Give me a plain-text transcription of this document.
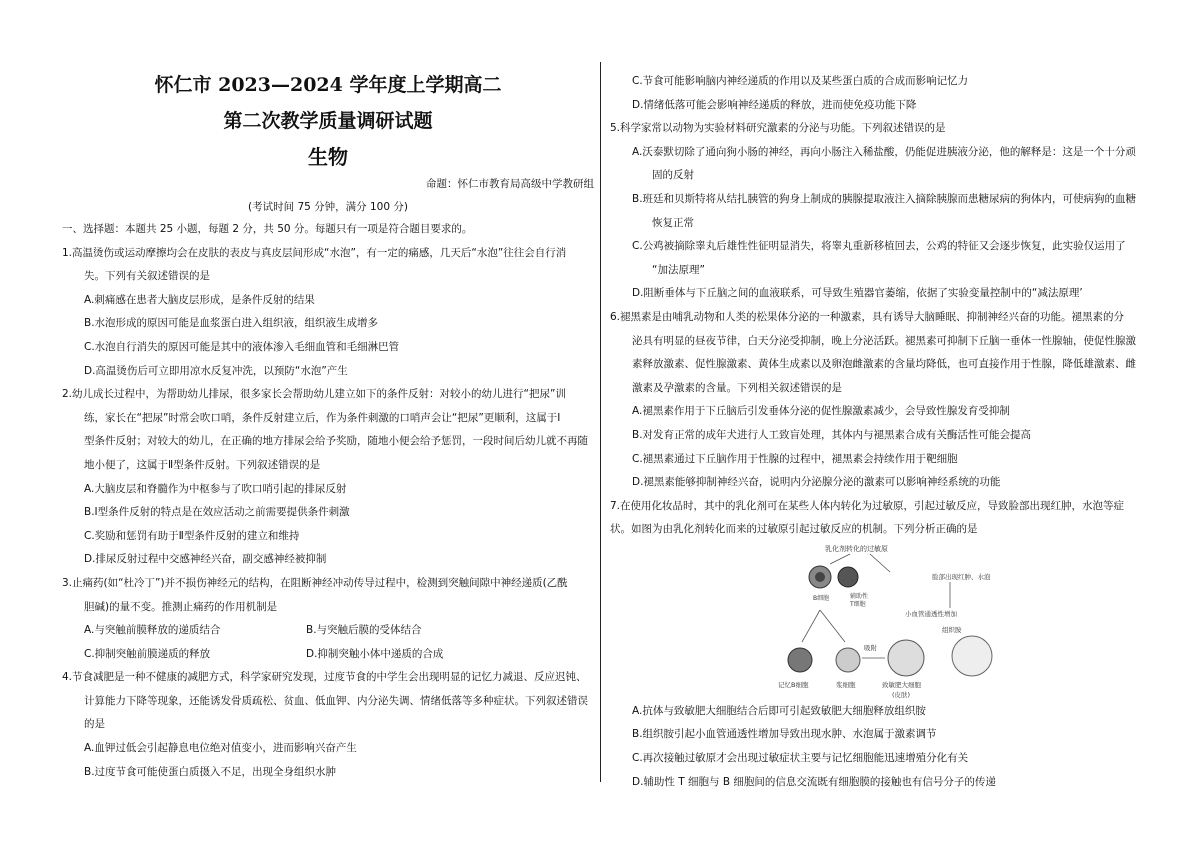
怀仁市 2023—2024 学年度上学期高二
第二次教学质量调研试题
生物
命题：怀仁市教育局高级中学教研组
(考试时间 75 分钟，满分 100 分)
一、选择题：本题共 25 小题，每题 2 分，共 50 分。每题只有一项是符合题目要求的。
1.高温烫伤或运动摩擦均会在皮肤的表皮与真皮层间形成“水泡”，有一定的痛感，几天后“水泡”往往会自行消
失。下列有关叙述错误的是
A.刺痛感在患者大脑皮层形成，是条件反射的结果
B.水泡形成的原因可能是血浆蛋白进入组织液，组织液生成增多
C.水泡自行消失的原因可能是其中的液体渗入毛细血管和毛细淋巴管
D.高温烫伤后可立即用凉水反复冲洗，以预防“水泡”产生
2.幼儿成长过程中，为帮助幼儿排尿，很多家长会帮助幼儿建立如下的条件反射：对较小的幼儿进行“把尿”训
练，家长在“把尿”时常会吹口哨，条件反射建立后，作为条件刺激的口哨声会让“把尿”更顺利，这属于Ⅰ
型条件反射；对较大的幼儿，在正确的地方排尿会给予奖励，随地小便会给予惩罚，一段时间后幼儿就不再随
地小便了，这属于Ⅱ型条件反射。下列叙述错误的是
A.大脑皮层和脊髓作为中枢参与了吹口哨引起的排尿反射
B.Ⅰ型条件反射的特点是在效应活动之前需要提供条件刺激
C.奖励和惩罚有助于Ⅱ型条件反射的建立和维持
D.排尿反射过程中交感神经兴奋，副交感神经被抑制
3.止痛药(如“杜冷丁”)并不损伤神经元的结构，在阻断神经冲动传导过程中，检测到突触间隙中神经递质(乙酰
胆碱)的量不变。推测止痛药的作用机制是
A.与突触前膜释放的递质结合	B.与突触后膜的受体结合
C.抑制突触前膜递质的释放	D.抑制突触小体中递质的合成
4.节食减肥是一种不健康的减肥方式，科学家研究发现，过度节食的中学生会出现明显的记忆力减退、反应迟钝、
计算能力下降等现象，还能诱发骨质疏松、贫血、低血钾、内分泌失调、情绪低落等多种症状。下列叙述错误
的是
A.血钾过低会引起静息电位绝对值变小，进而影响兴奋产生
B.过度节食可能使蛋白质摄入不足，出现全身组织水肿
C.节食可能影响脑内神经递质的作用以及某些蛋白质的合成而影响记忆力
D.情绪低落可能会影响神经递质的释放，进而使免疫功能下降
5.科学家常以动物为实验材料研究激素的分泌与功能。下列叙述错误的是
A.沃泰默切除了通向狗小肠的神经，再向小肠注入稀盐酸，仍能促进胰液分泌，他的解释是：这是一个十分顽
固的反射
B.班廷和贝斯特将从结扎胰管的狗身上制成的胰腺提取液注入摘除胰腺而患糖尿病的狗体内，可使病狗的血糖
恢复正常
C.公鸡被摘除睾丸后雄性性征明显消失，将睾丸重新移植回去，公鸡的特征又会逐步恢复，此实验仅运用了
“加法原理”
D.阻断垂体与下丘脑之间的血液联系，可导致生殖器官萎缩，依据了实验变量控制中的“减法原理’
6.褪黑素是由哺乳动物和人类的松果体分泌的一种激素，具有诱导大脑睡眠、抑制神经兴奋的功能。褪黑素的分
泌具有明显的昼夜节律，白天分泌受抑制，晚上分泌活跃。褪黑素可抑制下丘脑一垂体一性腺轴，使促性腺激
素释放激素、促性腺激素、黄体生成素以及卵泡雌激素的含量均降低，也可直接作用于性腺，降低雄激素、雌
激素及孕激素的含量。下列相关叙述错误的是
A.褪黑素作用于下丘脑后引发垂体分泌的促性腺激素减少，会导致性腺发育受抑制
B.对发育正常的成年犬进行人工致盲处理，其体内与褪黑素合成有关酶活性可能会提高
C.褪黑素通过下丘脑作用于性腺的过程中，褪黑素会持续作用于靶细胞
D.褪黑素能够抑制神经兴奋，说明内分泌腺分泌的激素可以影响神经系统的功能
7.在使用化妆品时，其中的乳化剂可在某些人体内转化为过敏原，引起过敏反应，导致脸部出现红肿，水泡等症
状。如图为由乳化剂转化而来的过敏原引起过敏反应的机制。下列分析正确的是
乳化剂转化的过敏原
B细胞	辅助性
T细胞
脸部出现红肿、水泡
小血管通透性增加
组织胺
吸附
记忆B细胞	浆细胞	致敏肥大细胞
(皮肤)
A.抗体与致敏肥大细胞结合后即可引起致敏肥大细胞释放组织胺
B.组织胺引起小血管通透性增加导致出现水肿、水泡属于激素调节
C.再次接触过敏原才会出现过敏症状主要与记忆细胞能迅速增殖分化有关
D.辅助性 T 细胞与 B 细胞间的信息交流既有细胞膜的接触也有信号分子的传递
